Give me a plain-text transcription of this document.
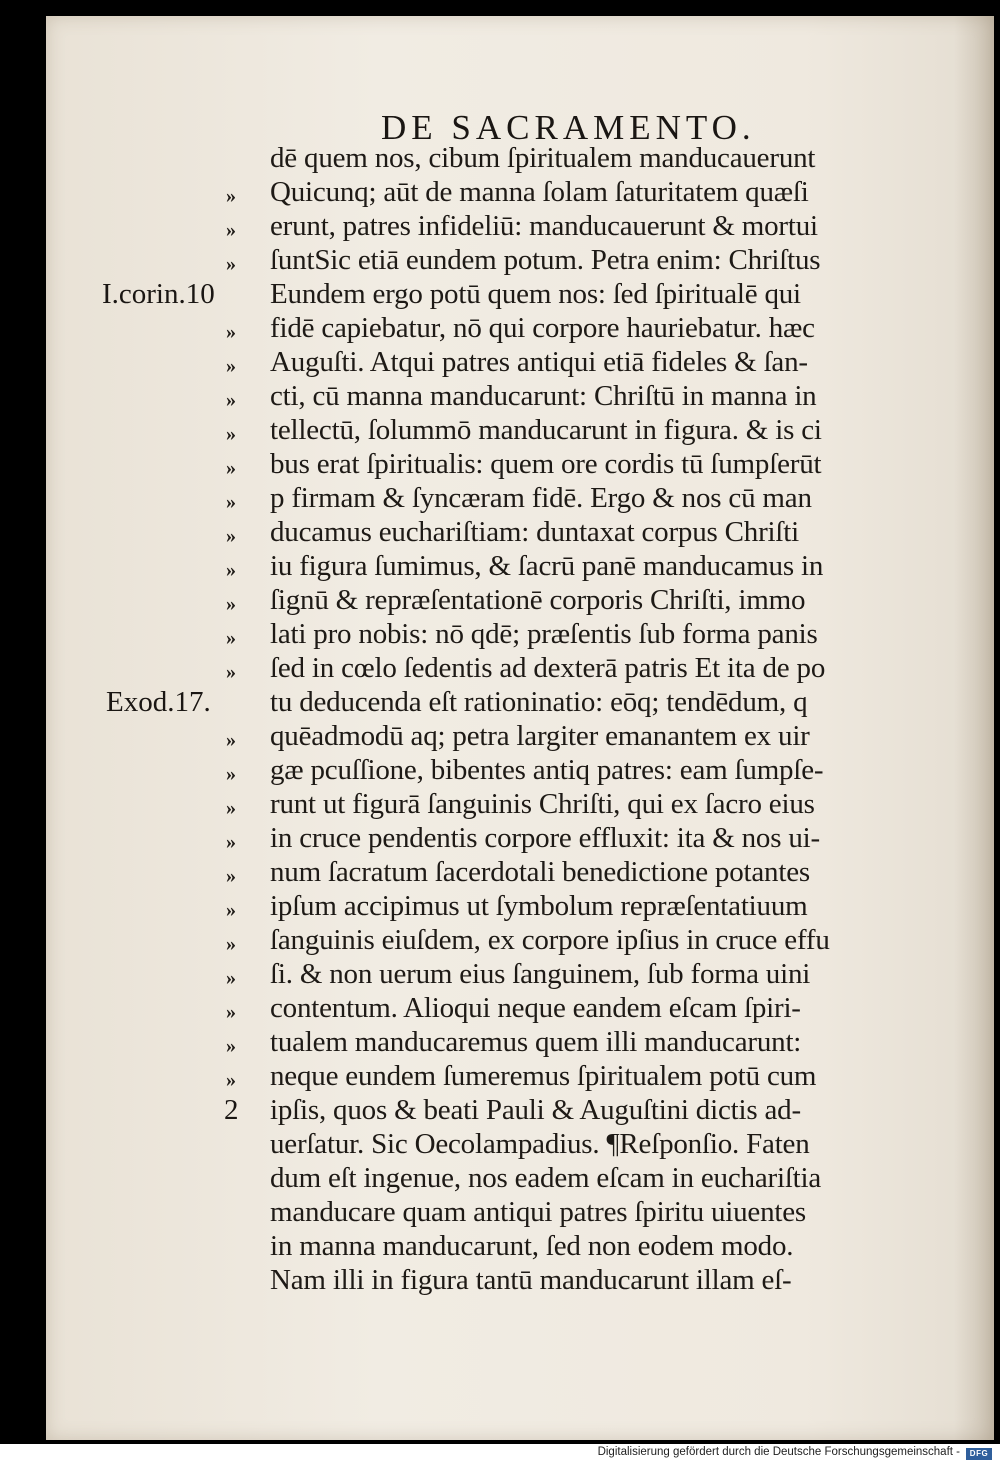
DE SACRAMENTO.
dē quem nos, cibum ſpiritualem manducauerunt
Quicunq; aūt de manna ſolam ſaturitatem quæſi
erunt, patres infideliū: manducauerunt & mortui
ſuntSic etiā eundem potum. Petra enim: Chriſtus
Eundem ergo potū quem nos: ſed ſpiritualē qui
fidē capiebatur, nō qui corpore hauriebatur. hæc
Auguſti. Atqui patres antiqui etiā fideles & ſan-
cti, cū manna manducarunt: Chriſtū in manna in
tellectū, ſolummō manducarunt in figura. & is ci
bus erat ſpiritualis: quem ore cordis tū ſumpſerūt
p firmam & ſyncæram fidē. Ergo & nos cū man
ducamus euchariſtiam: duntaxat corpus Chriſti
iu figura ſumimus, & ſacrū panē manducamus in
ſignū & repræſentationē corporis Chriſti, immo
lati pro nobis: nō qdē; præſentis ſub forma panis
ſed in cœlo ſedentis ad dexterā patris Et ita de po
tu deducenda eſt rationinatio: eōq; tendēdum, q
quēadmodū aq; petra largiter emanantem ex uir
gæ pcuſſione, bibentes antiq patres: eam ſumpſe-
runt ut figurā ſanguinis Chriſti, qui ex ſacro eius
in cruce pendentis corpore effluxit: ita & nos ui-
num ſacratum ſacerdotali benedictione potantes
ipſum accipimus ut ſymbolum repræſentatiuum
ſanguinis eiuſdem, ex corpore ipſius in cruce effu
ſi. & non uerum eius ſanguinem, ſub forma uini
contentum. Alioqui neque eandem eſcam ſpiri-
tualem manducaremus quem illi manducarunt:
neque eundem ſumeremus ſpiritualem potū cum
ipſis, quos & beati Pauli & Auguſtini dictis ad-
uerſatur. Sic Oecolampadius. ¶Reſponſio. Faten
dum eſt ingenue, nos eadem eſcam in euchariſtia
manducare quam antiqui patres ſpiritu uiuentes
in manna manducarunt, ſed non eodem modo.
Nam illi in figura tantū manducarunt illam eſ-
I.corin.10
Exod.17.
2
»
»
»
»
»
»
»
»
»
»
»
»
»
»
»
»
»
»
»
»
»
»
»
»
»
Digitalisierung gefördert durch die Deutsche Forschungsgemeinschaft -	DFG
